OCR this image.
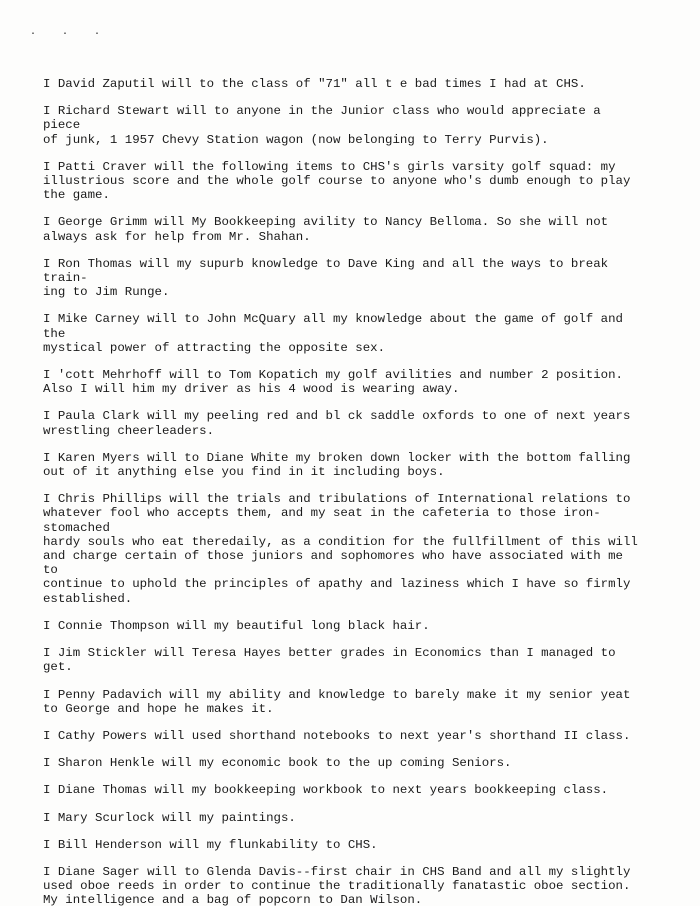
. . .

I David Zaputil will to the class of "71" all t e bad times I had at CHS.

I Richard Stewart will to anyone in the Junior class who would appreciate a piece
of junk, 1 1957 Chevy Station wagon (now belonging to Terry Purvis).

I Patti Craver will the following items to CHS's girls varsity golf squad: my
illustrious score and the whole golf course to anyone who's dumb enough to play
the game.

I George Grimm will My Bookkeeping avility to Nancy Belloma. So she will not
always ask for help from Mr. Shahan.

I Ron Thomas will my supurb knowledge to Dave King and all the ways to break train-
ing to Jim Runge.

I Mike Carney will to John McQuary all my knowledge about the game of golf and the
mystical power of attracting the opposite sex.

I 'cott Mehrhoff will to Tom Kopatich my golf avilities and number 2 position.
Also I will him my driver as his 4 wood is wearing away.

I Paula Clark will my peeling red and bl ck saddle oxfords to one of next years
wrestling cheerleaders.

I Karen Myers will to Diane White my broken down locker with the bottom falling
out of it anything else you find in it including boys.

I Chris Phillips will the trials and tribulations of International relations to
whatever fool who accepts them, and my seat in the cafeteria to those iron-stomached
hardy souls who eat theredaily, as a condition for the fullfillment of this will
and charge certain of those juniors and sophomores who have associated with me to
continue to uphold the principles of apathy and laziness which I have so firmly
established.

I Connie Thompson will my beautiful long black hair.

I Jim Stickler will Teresa Hayes better grades in Economics than I managed to get.

I Penny Padavich will my ability and knowledge to barely make it my senior yeat
to George and hope he makes it.

I Cathy Powers will used shorthand notebooks to next year's shorthand II class.

I Sharon Henkle will my economic book to the up coming Seniors.

I Diane Thomas will my bookkeeping workbook to next years bookkeeping class.

I Mary Scurlock will my paintings.

I Bill Henderson will my flunkability to CHS.

I Diane Sager will to Glenda Davis--first chair in CHS Band and all my slightly
used oboe reeds in order to continue the traditionally fanatastic oboe section.
My intelligence and a bag of popcorn to Dan Wilson.
